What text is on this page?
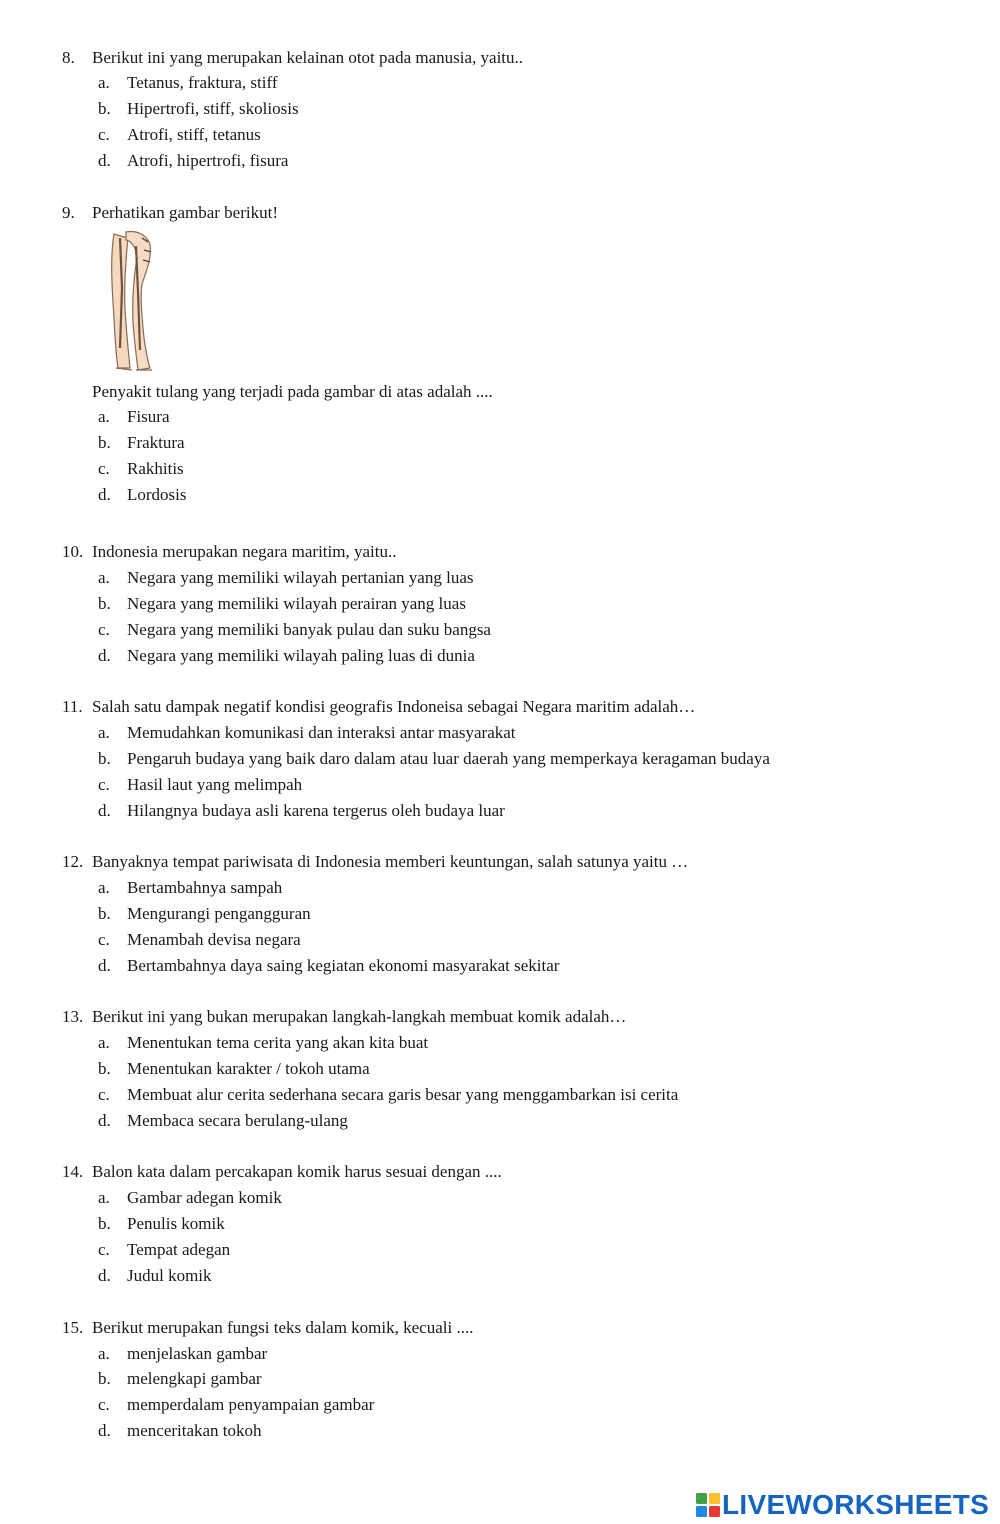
8. Berikut ini yang merupakan kelainan otot pada manusia, yaitu..
a. Tetanus, fraktura, stiff
b. Hipertrofi, stiff, skoliosis
c. Atrofi, stiff, tetanus
d. Atrofi, hipertrofi, fisura
9. Perhatikan gambar berikut!
Penyakit tulang yang terjadi pada gambar di atas adalah ....
a. Fisura
b. Fraktura
c. Rakhitis
d. Lordosis
10. Indonesia merupakan negara maritim, yaitu..
a. Negara yang memiliki wilayah pertanian yang luas
b. Negara yang memiliki wilayah perairan yang luas
c. Negara yang memiliki banyak pulau dan suku bangsa
d. Negara yang memiliki wilayah paling luas di dunia
11. Salah satu dampak negatif kondisi geografis Indoneisa sebagai Negara maritim adalah…
a. Memudahkan komunikasi dan interaksi antar masyarakat
b. Pengaruh budaya yang baik daro dalam atau luar daerah yang memperkaya keragaman budaya
c. Hasil laut yang melimpah
d. Hilangnya budaya asli karena tergerus oleh budaya luar
12. Banyaknya tempat pariwisata di Indonesia memberi keuntungan, salah satunya yaitu …
a. Bertambahnya sampah
b. Mengurangi pengangguran
c. Menambah devisa negara
d. Bertambahnya daya saing kegiatan ekonomi masyarakat sekitar
13. Berikut ini yang bukan merupakan langkah-langkah membuat komik adalah…
a. Menentukan tema cerita yang akan kita buat
b. Menentukan karakter / tokoh utama
c. Membuat alur cerita sederhana secara garis besar yang menggambarkan isi cerita
d. Membaca secara berulang-ulang
14. Balon kata dalam percakapan komik harus sesuai dengan ....
a. Gambar adegan komik
b. Penulis komik
c. Tempat adegan
d. Judul komik
15. Berikut merupakan fungsi teks dalam komik, kecuali ....
a. menjelaskan gambar
b. melengkapi gambar
c. memperdalam penyampaian gambar
d. menceritakan tokoh
LIVEWORKSHEETS
